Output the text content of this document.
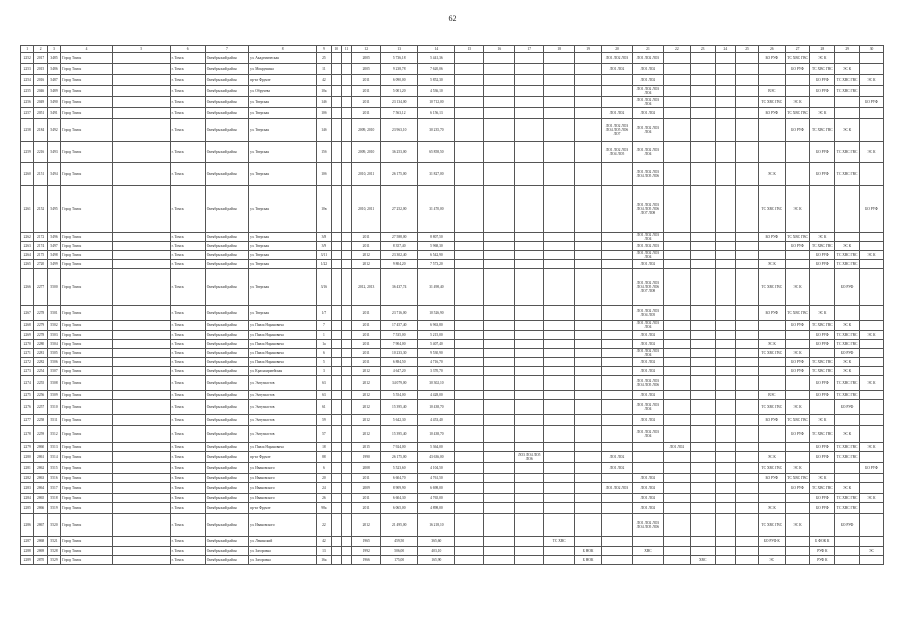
62
1	2	3	4	5	6	7	8	9	10	11	12	13	14	15	16	17	18	19	20	21	22	23	24	25	26	27	28	29	30
2252	2017	3485	Город Томск		г. Томск	Октябрьский район	ул. Академическая	25			2005	5 736,18	5 441,36						ЛО1 ЛО2 ЛО3	ЛО1 ЛО2 ЛО3					БО РУФ	ТС ХВС ГВС	ЭС К		
2253	2015	5486	Город Томск		г. Томск	Октябрьский район	ул. Мокрушина	11			2005	9 238,78	7 620,06						ЛО1 ЛО2	ЛО1 ЛО2						БО РУФ	ТС ХВС ГВС	ЭС К	
2254	2016	5487	Город Томск		г. Томск	Октябрьский район	пр-кт Фрунзе	42			2011	6 090,00	5 852,30							ЛО1 ЛО2							БО РУФ	ТС ХВС ГВС	ЭС К
2255	2046	5489	Город Томск		г. Томск	Октябрьский район	ул. Обручева	10а			2011	5 001,20	4 536,10							ЛО1 ЛО2 ЛО3 ЛО4					ВЭС		БО РУФ	ТС ХВС ГВС	
2256	2049	5490	Город Томск		г. Томск	Октябрьский район	ул. Тверская	14б			2011	23 134,00	10 712,00							ЛО1 ЛО2 ЛО3 ЛО4					ТС ХВС ГВС	ЭС К			БО РУФ
2257	2051	5491	Город Томск		г. Томск	Октябрьский район	ул. Тверская	10б			2011	7 563,12	6 156,13						ЛО1 ЛО2	ЛО1 ЛО2					БО РУФ	ТС ХВС ГВС	ЭС К		
2258	2184	5492	Город Томск		г. Томск	Октябрьский район	ул. Тверская	14б			2009, 2010	23 963,10	30 235,70						ЛО1 ЛО2 ЛО3 ЛО4 ЛО5 ЛО6 ЛО7	ЛО1 ЛО2 ЛО3 ЛО4						БО РУФ	ТС ХВС ГВС	ЭС К	
2259	2216	5493	Город Томск		г. Томск	Октябрьский район	ул. Тверская	15б			2009, 2010	36 253,00	65 858,50						ЛО1 ЛО2 ЛО3 ЛО4 ЛО5	ЛО1 ЛО2 ЛО3 ЛО4							БО РУФ	ТС ХВС ГВС	ЭС К
2260	2151	5494	Город Томск		г. Томск	Октябрьский район	ул. Тверская	10б			2010, 2011	26 175,00	31 827,00							ЛО1 ЛО2 ЛО3 ЛО4 ЛО5 ЛО6					ЭС К		БО РУФ	ТС ХВС ГВС	
2261	2152	5495	Город Томск		г. Томск	Октябрьский район	ул. Тверская	10в			2010, 2011	27 252,00	31 470,00							ЛО1 ЛО2 ЛО3 ЛО4 ЛО5 ЛО6 ЛО7 ЛО8					ТС ХВС ГВС	ЭС К			БО РУФ
2262	2172	5496	Город Томск		г. Томск	Октябрьский район	ул. Тверская	3/8			2011	27 588,00	8 807,50							ЛО1 ЛО2 ЛО3 ЛО4					БО РУФ	ТС ХВС ГВС	ЭС К		
2263	2174	5497	Город Томск		г. Томск	Октябрьский район	ул. Тверская	3/9			2011	8 357,40	5 968,30							ЛО1 ЛО2 ЛО3						БО РУФ	ТС ХВС ГВС	ЭС К	
2264	2175	5498	Город Томск		г. Томск	Октябрьский район	ул. Тверская	3/11			2012	23 302,40	6 542,90							ЛО1 ЛО2 ЛО3 ЛО4							БО РУФ	ТС ХВС ГВС	ЭС К
2265	2720	5499	Город Томск		г. Томск	Октябрьский район	ул. Тверская	1/22			2012	9 804,20	7 573,20							ЛО1 ЛО2					ЭС К		БО РУФ	ТС ХВС ГВС	
2266	2277	5500	Город Томск		г. Томск	Октябрьский район	ул. Тверская	3/16			2012, 2013	36 437,74	31 498,40							ЛО1 ЛО2 ЛО3 ЛО4 ЛО5 ЛО6 ЛО7 ЛО8					ТС ХВС ГВС	ЭС К		БО РУФ	
2267	2278	5501	Город Томск		г. Томск	Октябрьский район	ул. Тверская	1/7			2011	23 716,00	10 526,90							ЛО1 ЛО2 ЛО3 ЛО4 ЛО5					БО РУФ	ТС ХВС ГВС	ЭС К		
2268	2279	5502	Город Томск		г. Томск	Октябрьский район	ул. Павла Нарановича	7			2011	17 457,40	6 963,80							ЛО1 ЛО2 ЛО3 ЛО4						БО РУФ	ТС ХВС ГВС	ЭС К	
2269	2278	5503	Город Томск		г. Томск	Октябрьский район	ул. Павла Нарановича	1			2011	7 535,00	5 215,00							ЛО1 ЛО2							БО РУФ	ТС ХВС ГВС	ЭС К
2270	2280	5504	Город Томск		г. Томск	Октябрьский район	ул. Павла Нарановича	1а			2011	7 904,00	5 407,40							ЛО1 ЛО2					ЭС К		БО РУФ	ТС ХВС ГВС	
2271	2281	5505	Город Томск		г. Томск	Октябрьский район	ул. Павла Нарановича	6			2011	10 233,30	9 530,90							ЛО1 ЛО2 ЛО3 ЛО4					ТС ХВС ГВС	ЭС К		БО РУФ	
2272	2282	5506	Город Томск		г. Томск	Октябрьский район	ул. Павла Нарановича	5			2011	6 884,50	4 716,70							ЛО1 ЛО2						БО РУФ	ТС ХВС ГВС	ЭС К	
2273	2254	5507	Город Томск		г. Томск	Октябрьский район	ул. Красноармейская	3			2012	4 647,20	3 370,70							ЛО1 ЛО2						БО РУФ	ТС ХВС ГВС	ЭС К	
2274	2255	5508	Город Томск		г. Томск	Октябрьский район	ул. Энтузиастов	63			2012	34 079,00	30 302,10							ЛО1 ЛО2 ЛО3 ЛО4 ЛО5 ЛО6							БО РУФ	ТС ХВС ГВС	ЭС К
2275	2256	5509	Город Томск		г. Томск	Октябрьский район	ул. Энтузиастов	63			2012	5 554,00	4 428,00							ЛО1 ЛО2					ВЭС		БО РУФ	ТС ХВС ГВС	
2276	2257	5510	Город Томск		г. Томск	Октябрьский район	ул. Энтузиастов	61			2012	15 395,40	10 438,70							ЛО1 ЛО2 ЛО3 ЛО4					ТС ХВС ГВС	ЭС К		БО РУФ	
2277	2258	5511	Город Томск		г. Томск	Октябрьский район	ул. Энтузиастов	59			2012	5 642,30	4 453,40							ЛО1 ЛО2					БО РУФ	ТС ХВС ГВС	ЭС К		
2278	2259	5512	Город Томск		г. Томск	Октябрьский район	ул. Энтузиастов	57			2012	15 395,40	10 438,70							ЛО1 ЛО2 ЛО3 ЛО4						БО РУФ	ТС ХВС ГВС	ЭС К	
2279	2860	5513	Город Томск		г. Томск	Октябрьский район	ул. Павла Нарановича	18			2015	7 924,00	5 364,00								ЛО1 ЛО2						БО РУФ	ТС ХВС ГВС	ЭС К
2280	2861	5514	Город Томск		г. Томск	Октябрьский район	пр-кт Фрунзе	88			1990	26 175,00	43 636,00			ЛО3 ЛО4 ЛО5 ЛО6			ЛО1 ЛО2						ЭС К		БО РУФ	ТС ХВС ГВС	
2281	2862	5515	Город Томск		г. Томск	Октябрьский район	ул. Ивановского	6			2008	5 523,60	4 104,50						ЛО1 ЛО2						ТС ХВС ГВС	ЭС К			БО РУФ
2282	2863	5516	Город Томск		г. Томск	Октябрьский район	ул. Ивановского	20			2011	6 604,70	4 761,50							ЛО1 ЛО2					БО РУФ	ТС ХВС ГВС	ЭС К		
2283	2864	5517	Город Томск		г. Томск	Октябрьский район	ул. Ивановского	24			2009	8 909,90	6 698,00						ЛО1 ЛО2 ЛО3	ЛО1 ЛО2						БО РУФ	ТС ХВС ГВС	ЭС К	
2284	2865	5518	Город Томск		г. Томск	Октябрьский район	ул. Ивановского	26			2011	6 604,30	4 765,00							ЛО1 ЛО2							БО РУФ	ТС ХВС ГВС	ЭС К
2285	2866	5519	Город Томск		г. Томск	Октябрьский район	пр-кт Фрунзе	98а			2011	6 065,00	4 898,00							ЛО1 ЛО2					ЭС К		БО РУФ	ТС ХВС ГВС	
2286	2867	5520	Город Томск		г. Томск	Октябрьский район	ул. Ивановского	22			2012	21 495,00	16 218,10							ЛО1 ЛО2 ЛО3 ЛО4 ЛО5 ЛО6					ТС ХВС ГВС	ЭС К		БО РУФ	
2287	2868	5521	Город Томск		г. Томск	Октябрьский район	ул. Ленинский	42			1965	459,50	365,60				ТС ХВС								БО РУФ К		Б ФОК К		
2288	2869	5528	Город Томск		г. Томск	Октябрьский район	ул. Загоровна	13			1992	506,00	403,10					Б НОК		ХВС							РУФ К		ЭС
2289	2870	5529	Город Томск		г. Томск	Октябрьский район	ул. Загоровна	16а			1966	175,00	165,90					Б НОК				ХВС			ЭС		РУФ К		
